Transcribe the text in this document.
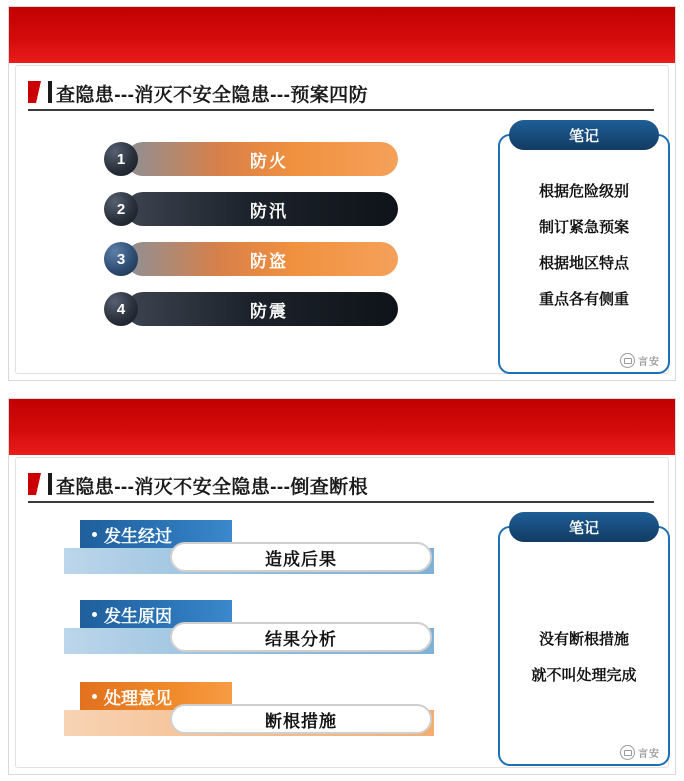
查隐患---消灭不安全隐患---预案四防
防火
1
防汛
2
防盗
3
防震
4
笔记
根据危险级别
制订紧急预案
根据地区特点
重点各有侧重
言安
查隐患---消灭不安全隐患---倒查断根
发生经过
造成后果
发生原因
结果分析
处理意见
断根措施
笔记
没有断根措施
就不叫处理完成
言安
